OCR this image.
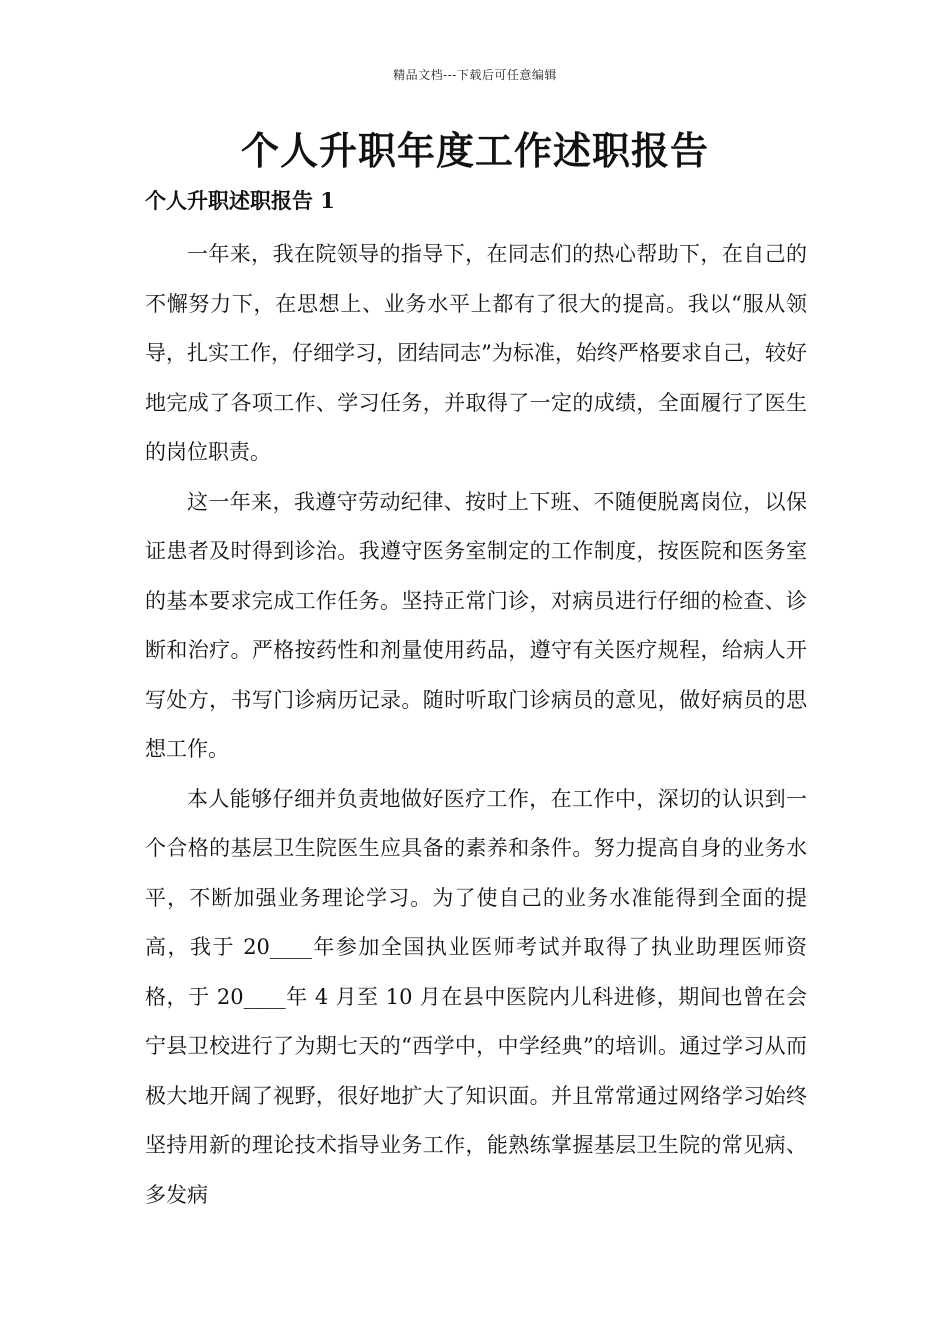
精品文档---下载后可任意编辑
个人升职年度工作述职报告
个人升职述职报告 1

一年来，我在院领导的指导下，在同志们的热心帮助下，在自己的不懈努力下，在思想上、业务水平上都有了很大的提高。我以“服从领导，扎实工作，仔细学习，团结同志”为标准，始终严格要求自己，较好地完成了各项工作、学习任务，并取得了一定的成绩，全面履行了医生的岗位职责。

这一年来，我遵守劳动纪律、按时上下班、不随便脱离岗位，以保证患者及时得到诊治。我遵守医务室制定的工作制度，按医院和医务室的基本要求完成工作任务。坚持正常门诊，对病员进行仔细的检查、诊断和治疗。严格按药性和剂量使用药品，遵守有关医疗规程，给病人开写处方，书写门诊病历记录。随时听取门诊病员的意见，做好病员的思想工作。

本人能够仔细并负责地做好医疗工作，在工作中，深切的认识到一个合格的基层卫生院医生应具备的素养和条件。努力提高自身的业务水平，不断加强业务理论学习。为了使自己的业务水准能得到全面的提高，我于 20____年参加全国执业医师考试并取得了执业助理医师资格，于 20____年 4 月至 10 月在县中医院内儿科进修，期间也曾在会宁县卫校进行了为期七天的“西学中，中学经典”的培训。通过学习从而极大地开阔了视野，很好地扩大了知识面。并且常常通过网络学习始终坚持用新的理论技术指导业务工作，能熟练掌握基层卫生院的常见病、多发病
